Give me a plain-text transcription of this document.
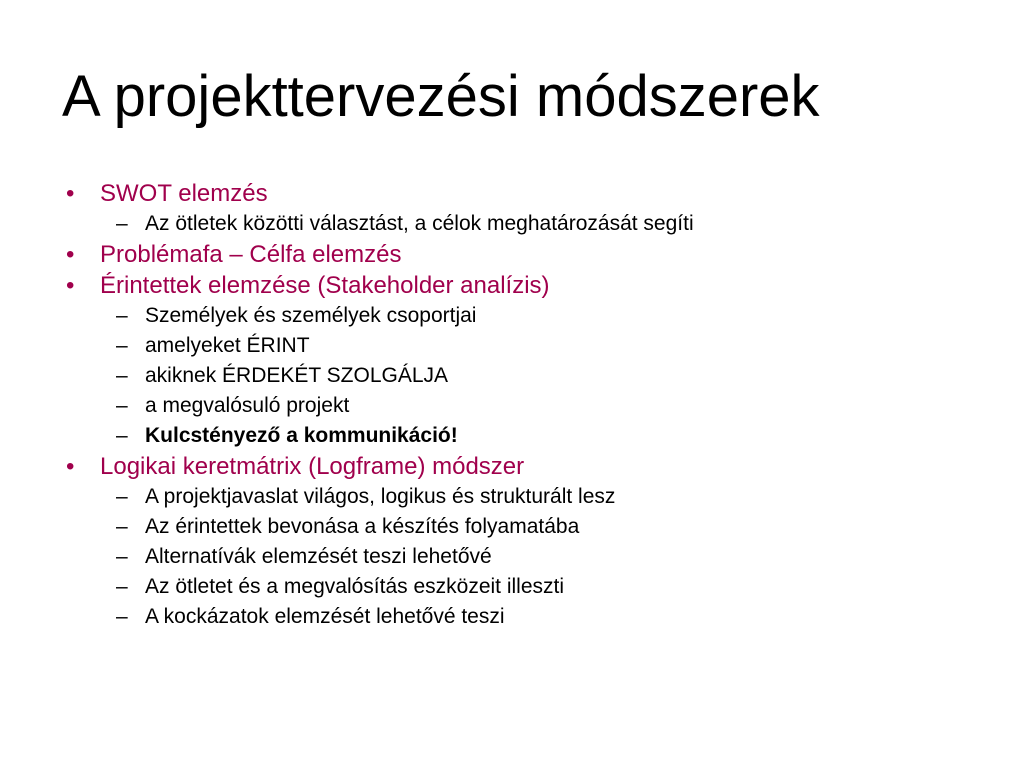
A projekttervezési módszerek
•	SWOT elemzés
– Az ötletek közötti választást, a célok meghatározását segíti
•	Problémafa – Célfa elemzés
•	Érintettek elemzése (Stakeholder analízis)
– Személyek és személyek csoportjai
– amelyeket ÉRINT
– akiknek ÉRDEKÉT SZOLGÁLJA
– a megvalósuló projekt
– Kulcstényező a kommunikáció!
•	Logikai keretmátrix (Logframe) módszer
– A projektjavaslat világos, logikus és strukturált lesz
– Az érintettek bevonása a készítés folyamatába
– Alternatívák elemzését teszi lehetővé
– Az ötletet és a megvalósítás eszközeit illeszti
– A kockázatok elemzését lehetővé teszi
